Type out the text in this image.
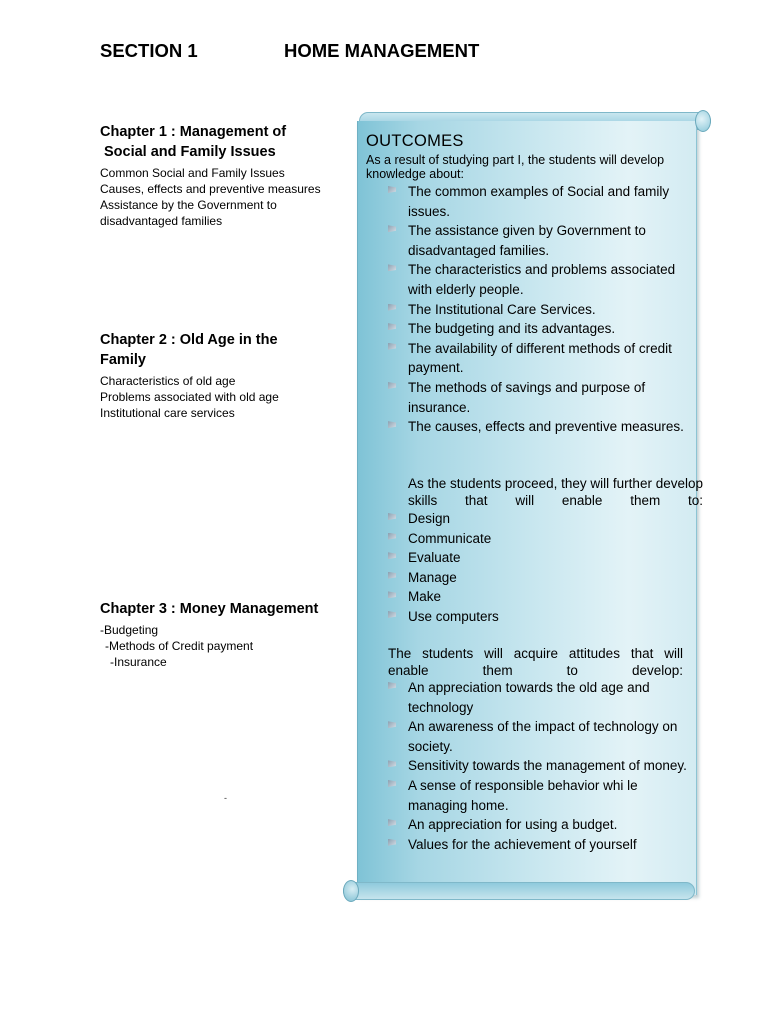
SECTION 1	HOME MANAGEMENT
Chapter 1 : Management of
Social and Family Issues
Common Social and Family Issues
Causes, effects and preventive measures
Assistance by the Government to
disadvantaged families
Chapter 2 : Old Age in the
Family
Characteristics of old age
Problems associated with old age
Institutional care services
Chapter 3 : Money Management
-Budgeting
-Methods of Credit payment
-Insurance
-
OUTCOMES
As a result of studying part I, the students will develop knowledge about:
The common examples of Social and family issues.
The assistance given by Government to disadvantaged families.
The characteristics and problems associated with elderly people.
The Institutional Care Services.
The budgeting and its advantages.
The availability of different methods of credit payment.
The methods of savings and purpose of insurance.
The causes, effects and preventive measures.
As the students proceed, they will further develop skills that will enable them to:
Design
Communicate
Evaluate
Manage
Make
Use computers
The students will acquire attitudes that will enable them to develop:
An appreciation towards the old age and technology
An awareness of the impact of technology on society.
Sensitivity towards the management of money.
A sense of responsible behavior whi le managing home.
An appreciation for using a budget.
Values for the achievement of yourself
